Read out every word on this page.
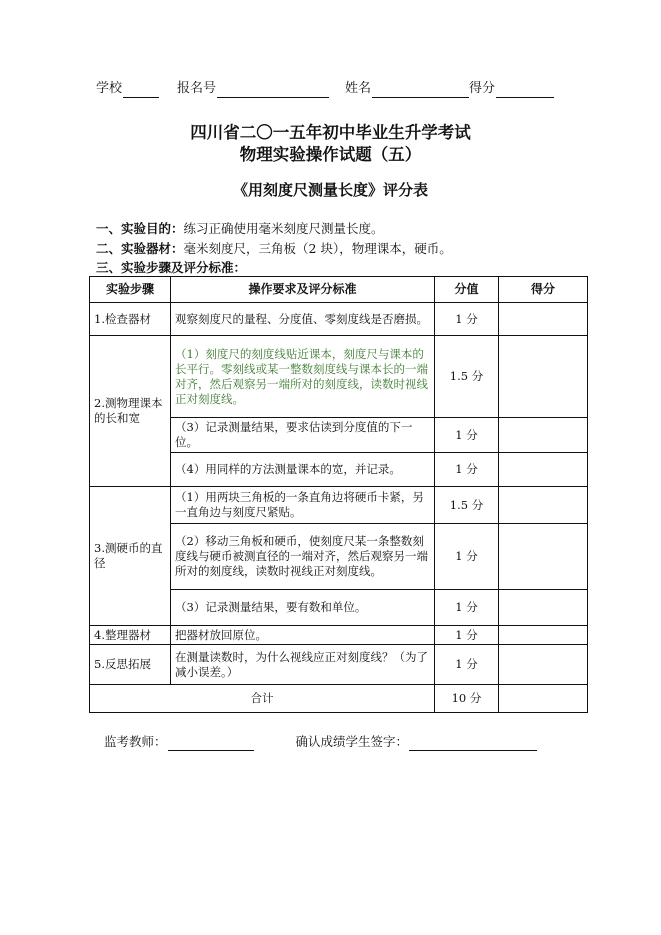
学校	报名号	姓名	得分
四川省二〇一五年初中毕业生升学考试
物理实验操作试题（五）
《用刻度尺测量长度》评分表
一、实验目的：练习正确使用毫米刻度尺测量长度。
二、实验器材：毫米刻度尺，三角板（2 块），物理课本，硬币。
三、实验步骤及评分标准：
实验步骤	操作要求及评分标准	分值	得分
1.检查器材	观察刻度尺的量程、分度值、零刻度线是否磨损。	1 分	
2.测物理课本的长和宽	（1）刻度尺的刻度线贴近课本，刻度尺与课本的长平行。零刻线或某一整数刻度线与课本长的一端对齐，然后观察另一端所对的刻度线，读数时视线正对刻度线。	1.5 分	
	（3）记录测量结果，要求估读到分度值的下一位。	1 分	
	（4）用同样的方法测量课本的宽，并记录。	1 分	
3.测硬币的直径	（1）用两块三角板的一条直角边将硬币卡紧，另一直角边与刻度尺紧贴。	1.5 分	
	（2）移动三角板和硬币，使刻度尺某一条整数刻度线与硬币被测直径的一端对齐，然后观察另一端所对的刻度线，读数时视线正对刻度线。	1 分	
	（3）记录测量结果，要有数和单位。	1 分	
4.整理器材	把器材放回原位。	1 分	
5.反思拓展	在测量读数时，为什么视线应正对刻度线？（为了减小误差。）	1 分	
合计		10 分	
监考教师：	确认成绩学生签字：
